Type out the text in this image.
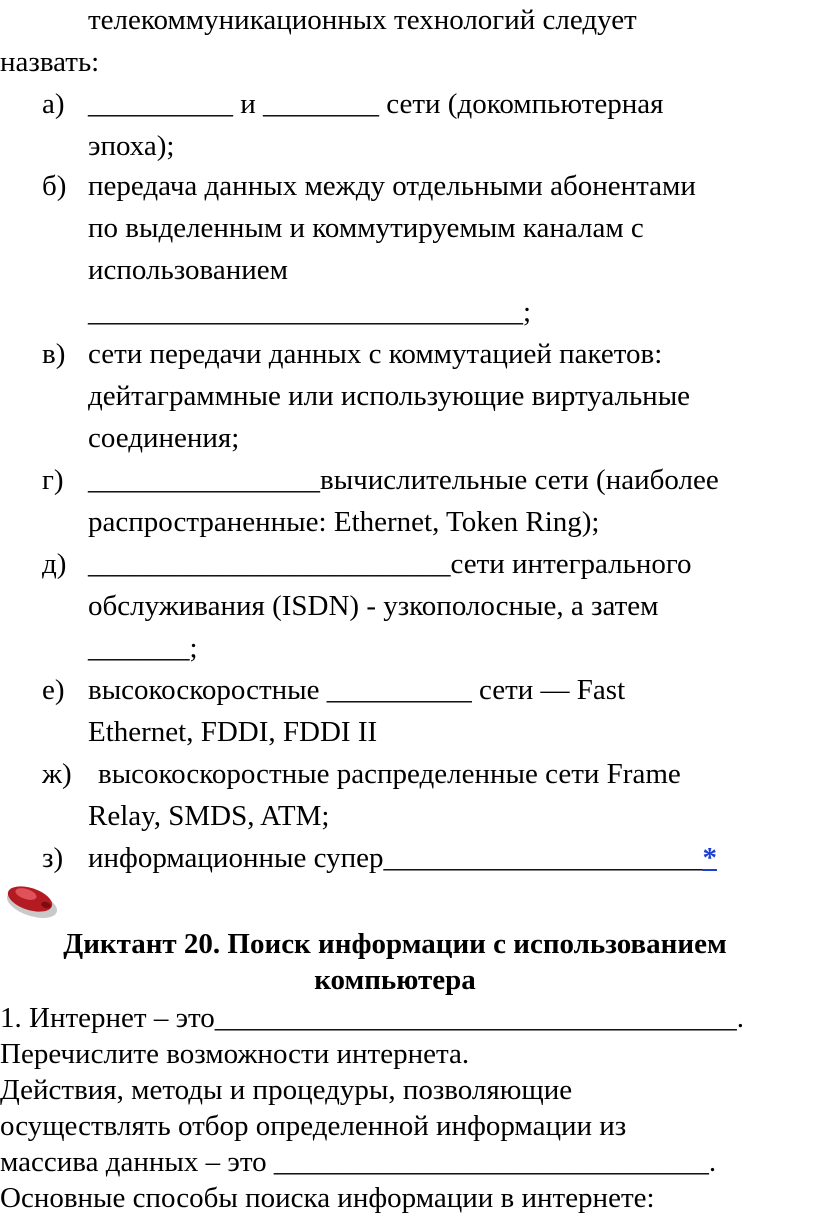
телекоммуникационных технологий следует
назвать:
а) __________ и ________ сети (докомпьютерная
эпоха);
б) передача данных между отдельными абонентами
по выделенным и коммутируемым каналам с
использованием
______________________________;
в) сети передачи данных с коммутацией пакетов:
дейтаграммные или использующие виртуальные
соединения;
г) ________________вычислительные сети (наиболее
распространенные: Ethernet, Token Ring);
д) _________________________сети интегрального
обслуживания (ISDN) - узкополосные, а затем
_______;
е) высокоскоростные __________ сети — Fast
Ethernet, FDDI, FDDI II
ж) высокоскоростные распределенные сети Frame
Relay, SMDS, ATM;
з) информационные супер______________________*
Диктант 20. Поиск информации с использованием
компьютера
1. Интернет – это____________________________________.
Перечислите возможности интернета.
Действия, методы и процедуры, позволяющие
осуществлять отбор определенной информации из
массива данных – это ______________________________.
Основные способы поиска информации в интернете:
